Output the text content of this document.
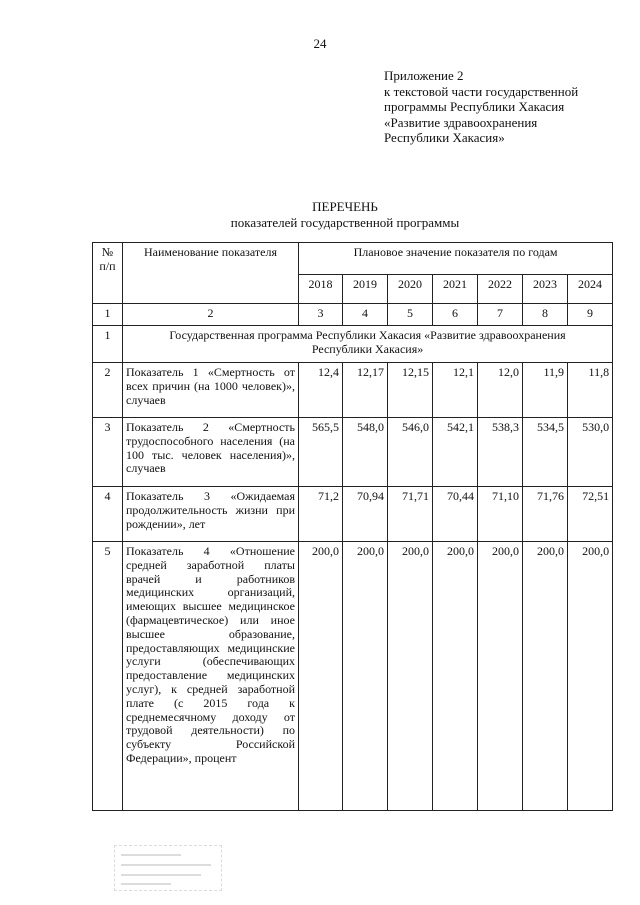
24
Приложение 2
к текстовой части государственной
программы Республики Хакасия
«Развитие здравоохранения
Республики Хакасия»
ПЕРЕЧЕНЬ
показателей государственной программы
№ п/п	Наименование показателя	Плановое значение показателя по годам						
		2018	2019	2020	2021	2022	2023	2024
1	2	3	4	5	6	7	8	9
1	Государственная программа Республики Хакасия «Развитие здравоохранения Республики Хакасия»							
2	Показатель 1 «Смертность от всех причин (на 1000 человек)», случаев	12,4	12,17	12,15	12,1	12,0	11,9	11,8
3	Показатель 2 «Смертность трудоспособного населения (на 100 тыс. человек населения)», случаев	565,5	548,0	546,0	542,1	538,3	534,5	530,0
4	Показатель 3 «Ожидаемая продолжительность жизни при рождении», лет	71,2	70,94	71,71	70,44	71,10	71,76	72,51
5	Показатель 4 «Отношение средней заработной платы врачей и работников медицинских организаций, имеющих высшее медицинское (фармацевтическое) или иное высшее образование, предоставляющих медицинские услуги (обеспечивающих предоставление медицинских услуг), к средней заработной плате (с 2015 года к среднемесячному доходу от трудовой деятельности) по субъекту Российской Федерации», процент	200,0	200,0	200,0	200,0	200,0	200,0	200,0
